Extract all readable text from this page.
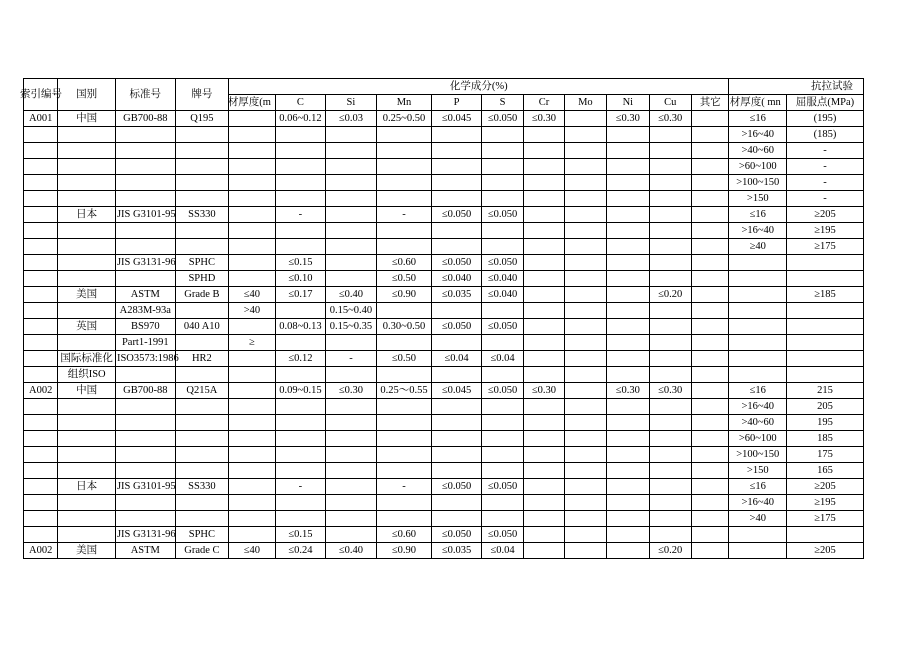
索引编号	国别	标准号	牌号	化学成分(%)											抗拉试验	
				材厚度(m	C	Si	Mn	P	S	Cr	Mo	Ni	Cu	其它	材厚度( mn	屈服点(MPa)
A001	中国	GB700-88	Q195		0.06~0.12	≤0.03	0.25~0.50	≤0.045	≤0.050	≤0.30		≤0.30	≤0.30		≤16	(195)
															>16~40	(185)
															>40~60	-
															>60~100	-
															>100~150	-
															>150	-
	日本	JIS G3101-95	SS330		-		-	≤0.050	≤0.050						≤16	≥205
															>16~40	≥195
															≥40	≥175
		JIS G3131-96	SPHC		≤0.15		≤0.60	≤0.050	≤0.050							
			SPHD		≤0.10		≤0.50	≤0.040	≤0.040							
	美国	ASTM	Grade B	≤40	≤0.17	≤0.40	≤0.90	≤0.035	≤0.040				≤0.20			≥185
		A283M-93a		>40		0.15~0.40										
	英国	BS970	040 A10		0.08~0.13	0.15~0.35	0.30~0.50	≤0.050	≤0.050							
		Part1-1991		≥												
	国际标准化	ISO3573:1986	HR2		≤0.12	-	≤0.50	≤0.04	≤0.04							
	组织ISO															
A002	中国	GB700-88	Q215A		0.09~0.15	≤0.30	0.25～0.55	≤0.045	≤0.050	≤0.30		≤0.30	≤0.30		≤16	215
															>16~40	205
															>40~60	195
															>60~100	185
															>100~150	175
															>150	165
	日本	JIS G3101-95	SS330		-		-	≤0.050	≤0.050						≤16	≥205
															>16~40	≥195
															>40	≥175
		JIS G3131-96	SPHC		≤0.15		≤0.60	≤0.050	≤0.050							
A002	美国	ASTM	Grade C	≤40	≤0.24	≤0.40	≤0.90	≤0.035	≤0.04				≤0.20			≥205
